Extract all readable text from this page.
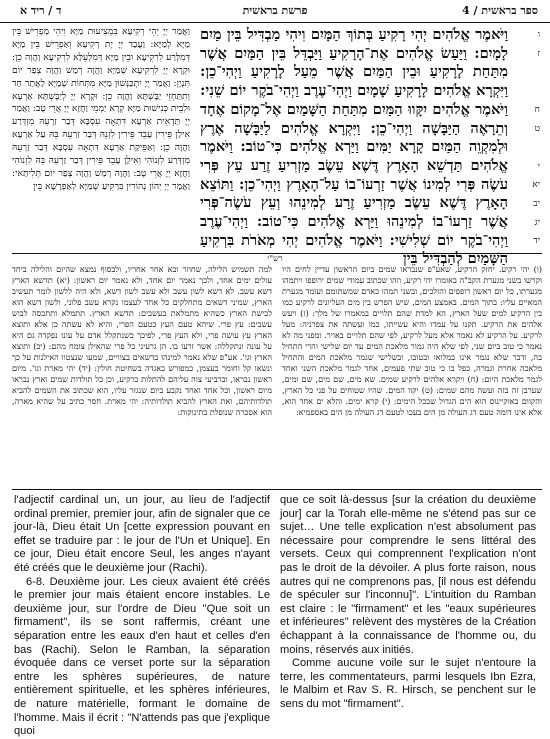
ד / ריד א	פרשת בראשית	ספר בראשית / 4

‏וַאֲמַר יְיָ יְהֵי רְקִיעָא בִּמְצִיעוּת מַיָּא וִיהֵי מַפְרִישׁ בֵּין מַיָּא לְמַיָּא: וַעֲבַד יְיָ יָת רְקִיעָא וְאַפְרֵישׁ בֵּין מַיָּא דְּמִלְּרַע לִרְקִיעָא וּבֵין מַיָּא דְּמִלְּעֵלָּא לִרְקִיעָא וַהֲוָה כֵן: וּקְרָא יְיָ לִרְקִיעָא שְׁמַיָּא וַהֲוָה רְמַשׁ וַהֲוָה צְפַר יוֹם תִּנְיָן: וַאֲמַר יְיָ יִתְכַּנְּשׁוּן מַיָּא מִתְּחוֹת שְׁמַיָּא לַאֲתַר חַד וְתִתַּחְזֵי יַבֶּשְׁתָּא וַהֲוָה כֵן: וּקְרָא יְיָ לְיַבֶּשְׁתָּא אַרְעָא וּלְבֵית כְּנִישׁוּת מַיָּא קְרָא יַמְמֵי וַחֲזָא יְיָ אֲרֵי טָב: וַאֲמַר יְיָ תַּדְאֵית אַרְעָא דִּתְאָה עִסְבָּא דְּבַר זַרְעֵהּ מִזְדְּרַע אִילַן פֵּירִין עָבֵד פֵּירִין לִזְנֵהּ דְּבַר זַרְעֵהּ בֵּהּ עַל אַרְעָא וַהֲוָה כֵן: וְאַפֵּיקַת אַרְעָא דִּתְאָה עִסְבָּא דְּבַר זַרְעֵהּ מִזְדְּרַע לִזְנוֹהִי וְאִילָן עָבֵד פֵּירִין דְּבַר זַרְעֵהּ בֵּהּ לִזְנוֹהִי וַחֲזָא יְיָ אֲרֵי טָב: וַהֲוָה רְמַשׁ וַהֲוָה צְפַר יוֹם תְּלִיתַאי: וַאֲמַר יְיָ יְהוֹן נְהוֹרִין בִּרְקִיעַ שְׁמַיָּא לְאַפְרָשָׁא בֵּין

‏וַיֹּאמֶר אֱלֹהִים יְהִי רָקִיעַ בְּתוֹךְ הַמָּיִם וִיהִי מַבְדִּיל בֵּין מַיִם לָמָיִם: וַיַּעַשׂ אֱלֹהִים אֶת־הָרָקִיעַ וַיַּבְדֵּל בֵּין הַמַּיִם אֲשֶׁר מִתַּחַת לָרָקִיעַ וּבֵין הַמַּיִם אֲשֶׁר מֵעַל לָרָקִיעַ וַיְהִי־כֵן: וַיִּקְרָא אֱלֹהִים לָרָקִיעַ שָׁמָיִם וַיְהִי־עֶרֶב וַיְהִי־בֹקֶר יוֹם שֵׁנִי: וַיֹּאמֶר אֱלֹהִים יִקָּווּ הַמַּיִם מִתַּחַת הַשָּׁמַיִם אֶל־מָקוֹם אֶחָד וְתֵרָאֶה הַיַּבָּשָׁה וַיְהִי־כֵן: וַיִּקְרָא אֱלֹהִים לַיַּבָּשָׁה אֶרֶץ וּלְמִקְוֵה הַמַּיִם קָרָא יַמִּים וַיַּרְא אֱלֹהִים כִּי־טוֹב: וַיֹּאמֶר אֱלֹהִים תַּדְשֵׁא הָאָרֶץ דֶּשֶׁא עֵשֶׂב מַזְרִיעַ זֶרַע עֵץ פְּרִי עֹשֶׂה פְּרִי לְמִינוֹ אֲשֶׁר זַרְעוֹ־בוֹ עַל־הָאָרֶץ וַיְהִי־כֵן: וַתּוֹצֵא הָאָרֶץ דֶּשֶׁא עֵשֶׂב מַזְרִיעַ זֶרַע לְמִינֵהוּ וְעֵץ עֹשֶׂה־פְּרִי אֲשֶׁר זַרְעוֹ־בוֹ לְמִינֵהוּ וַיַּרְא אֱלֹהִים כִּי־טוֹב: וַיְהִי־עֶרֶב וַיְהִי־בֹקֶר יוֹם שְׁלִישִׁי: וַיֹּאמֶר אֱלֹהִים יְהִי מְאֹרֹת בִּרְקִיעַ הַשָּׁמַיִם לְהַבְדִּיל בֵּין

ו
ז
ח
ט
י
יא
יב
יג
יד
רש"י

‏(ו) יהי רקיע. יחזק הרקיע, שאע"פ שנבראו שמים ביום הראשון עדיין לחים היו וקרשו בשני מגערת הקב"ה באומרו יהי רקיע, וזהו שכתוב עמודי שמים ירופפו ויתמהו מגערתו, כל יום ראשון רופפים והולכים, ובשני תמהו כאדם שמשתומם ועומד מגערת המאיים עליו: בתוך המים. באמצע המים, שיש הפרש בין מים העליונים לרקיע כמו בין הרקיע למים שעל הארץ, הא למדת שהם תלויים במאמרו של מלך: (ז) ויעש אלהים את הרקיע. תקנו על עמדו והיא עשייתו, כמו ועשתה את צפרניה: מעל לרקיע. על הרקיע לא נאמר אלא מעל לרקיע, לפי שהם תלויים באויר. ומפני מה לא נאמר כי טוב ביום שני, לפי שלא היה גמור מלאכת המים עד יום שלישי והרי התחיל בה, ודבר שלא נגמר אינו במלואו ובטובו, ובשלישי שגמר מלאכת המים והתחיל מלאכה אחרת וגמרה, כפל בו כי טוב שתי פעמים, אחד לגמר מלאכת השני ואחד לגמר מלאכת היום: (ח) ויקרא אלהים לרקיע שמים. שא מים, שם מים, שם ומים, שערבן זה בזה ועשה מהם שמים: (ט) יקוו המים. שהיו שטוחים על פני כל הארץ, והקוום באוקיינוס הוא הים הגדול שבכל הימים: (י) קרא ימים. והלא ים אחד הוא, אלא אינו דומה טעם דג העולה מן הים בעכו לטעם דג העולה מן הים באספמיא:

‏למה תשמיש הלילה, שחוזר ובא אחר אחריו, ולבסוף נמצא שהיום והלילה ביחד עולים ימים אחד, ולכך נאמר יום אחד, ולא נאמר יום ראשון: (יא) תדשא הארץ דשא עשב. לא דשא לשון עשב ולא עשב לשון דשא, ולא היה ללשון לומר תעשיב הארץ, שמיני דשאים מתחלקים כל אחד לעצמו נקרא עשב פלוני, ולשון דשא הוא לבישת הארץ כשהיא מתמלאת בעשבים: תדשא הארץ. תתמלא ותתכסה לבוש עשבים: עץ פרי. שיהא טעם העץ כטעם הפרי, והיא לא עשתה כן אלא ותוצא הארץ עץ עושה פרי, ולא העץ פרי, לפיכך כשנתקלל אדם על עונו נפקדה גם היא על עונה ונתקללה: אשר זרעו בו. הן גרעיני כל פרי שהאילן צומח מהם: (יב) ותוצא הארץ וגו'. אע"פ שלא נאמר למינהו בדשאים בצוויים, שמעו שנצטוו האילנות על כך ונשאו קל וחומר בעצמן, כמפורש באגדה בשחיטת חולין: (יד) יהי מארת וגו'. מיום ראשון נבראו, וברביעי צוה עליהם להתלות ברקיע, וכן כל תולדות שמים וארץ נבראו מיום ראשון, וכל אחד ואחד נקבע ביום שנגזר עליו, הוא שכתוב את השמים להביא תולדותיהם, ואת הארץ להביא תולדותיה: יהי מארת. חסר כתיב על שהיא מארה, הוא אסכרה שנופלת בתינוקות:

l'adjectif cardinal un, un jour, au lieu de l'adjectif ordinal premier, premier jour, afin de signaler que ce jour-là, Dieu était Un [cette expression pouvant en effet se traduire par : le jour de l'Un et Unique]. En ce jour, Dieu était encore Seul, les anges n'ayant été créés que le deuxième jour (Rachi).

6-8. Deuxième jour. Les cieux avaient été créés le premier jour mais étaient encore instables. Le deuxième jour, sur l'ordre de Dieu "Que soit un firmament", ils se sont raffermis, créant une séparation entre les eaux d'en haut et celles d'en bas (Rachi). Selon le Ramban, la séparation évoquée dans ce verset porte sur la séparation entre les sphères supérieures, de nature entièrement spirituelle, et les sphères inférieures, de nature matérielle, formant le domaine de l'homme. Mais il écrit : "N'attends pas que j'explique quoi

que ce soit là-dessus [sur la création du deuxième jour] car la Torah elle-même ne s'étend pas sur ce sujet… Une telle explication n'est absolument pas nécessaire pour comprendre le sens littéral des versets. Ceux qui comprennent l'explication n'ont pas le droit de la dévoiler. A plus forte raison, nous autres qui ne comprenons pas, [il nous est défendu de spéculer sur l'inconnu]". L'intuition du Ramban est claire : le "firmament" et les "eaux supérieures et inférieures" relèvent des mystères de la Création échappant à la connaissance de l'homme ou, du moins, réservés aux initiés.

Comme aucune voile sur le sujet n'entoure la terre, les commentateurs, parmi lesquels Ibn Ezra, le Malbim et Rav S. R. Hirsch, se penchent sur le sens du mot "firmament".
